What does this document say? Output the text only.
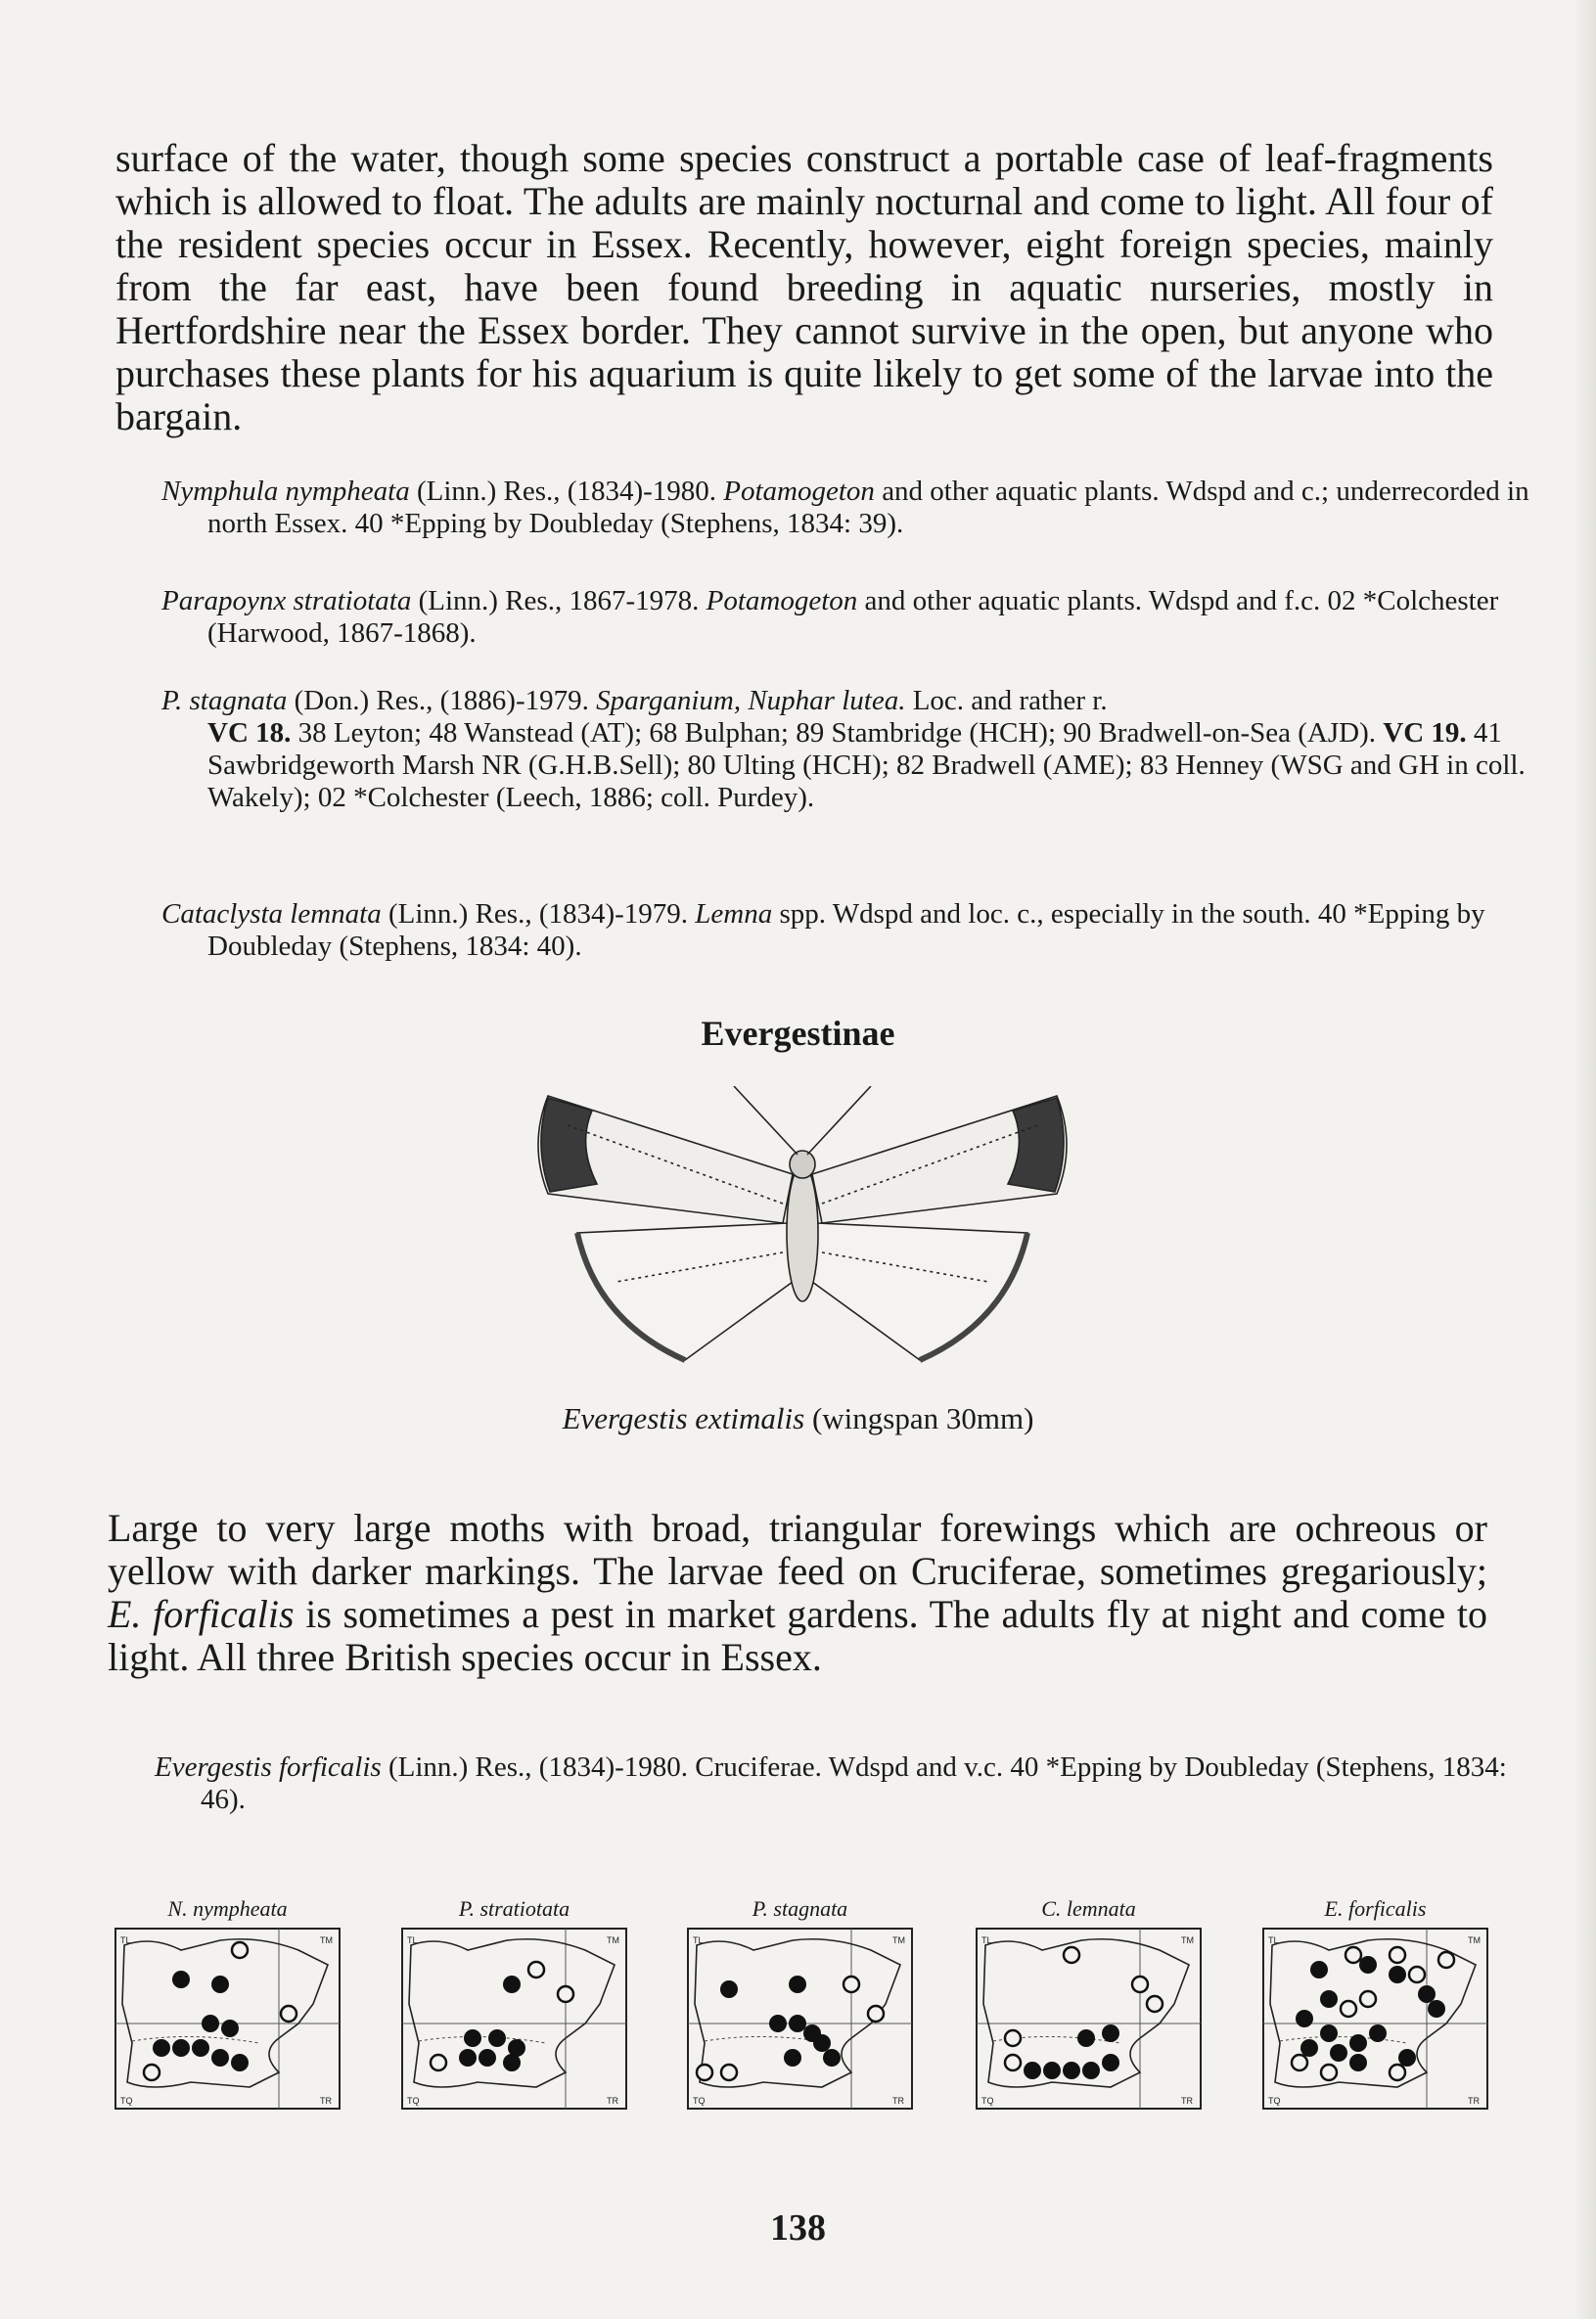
surface of the water, though some species construct a portable case of leaf-fragments which is allowed to float. The adults are mainly nocturnal and come to light. All four of the resident species occur in Essex. Recently, however, eight foreign species, mainly from the far east, have been found breeding in aquatic nurseries, mostly in Hertfordshire near the Essex border. They cannot survive in the open, but anyone who purchases these plants for his aquarium is quite likely to get some of the larvae into the bargain.

Nymphula nympheata (Linn.) Res., (1834)-1980. Potamogeton and other aquatic plants. Wdspd and c.; underrecorded in north Essex. 40 *Epping by Doubleday (Stephens, 1834: 39).

Parapoynx stratiotata (Linn.) Res., 1867-1978. Potamogeton and other aquatic plants. Wdspd and f.c. 02 *Colchester (Harwood, 1867-1868).

P. stagnata (Don.) Res., (1886)-1979. Sparganium, Nuphar lutea. Loc. and rather r.
VC 18. 38 Leyton; 48 Wanstead (AT); 68 Bulphan; 89 Stambridge (HCH); 90 Bradwell-on-Sea (AJD). VC 19. 41 Sawbridgeworth Marsh NR (G.H.B.Sell); 80 Ulting (HCH); 82 Bradwell (AME); 83 Henney (WSG and GH in coll. Wakely); 02 *Colchester (Leech, 1886; coll. Purdey).

Cataclysta lemnata (Linn.) Res., (1834)-1979. Lemna spp. Wdspd and loc. c., especially in the south. 40 *Epping by Doubleday (Stephens, 1834: 40).

Evergestinae

Evergestis extimalis (wingspan 30mm)

Large to very large moths with broad, triangular forewings which are ochreous or yellow with darker markings. The larvae feed on Cruciferae, sometimes gregariously; E. forficalis is sometimes a pest in market gardens. The adults fly at night and come to light. All three British species occur in Essex.

Evergestis forficalis (Linn.) Res., (1834)-1980. Cruciferae. Wdspd and v.c. 40 *Epping by Doubleday (Stephens, 1834: 46).

N. nympheata
TL	TM
TQ	TR
P. stratiotata
TL	TM
TQ	TR
P. stagnata
TL	TM
TQ	TR
C. lemnata
TL	TM
TQ	TR
E. forficalis
TL	TM
TQ	TR
138
